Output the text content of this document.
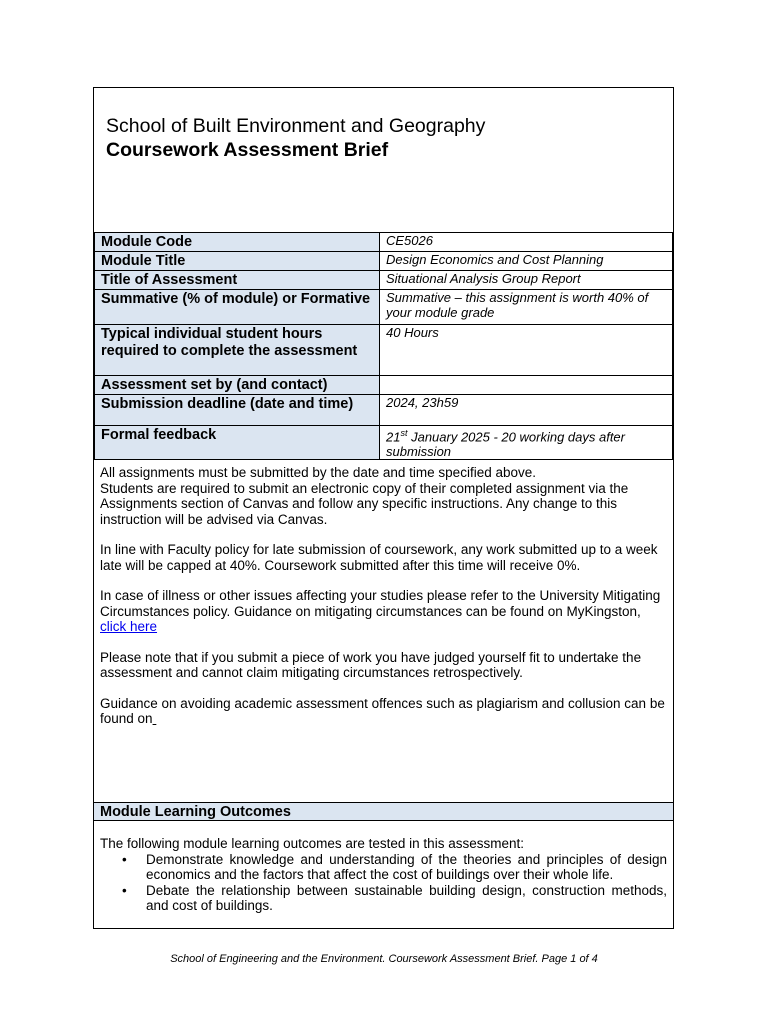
School of Built Environment and Geography
Coursework Assessment Brief
Module Code	CE5026
Module Title	Design Economics and Cost Planning
Title of Assessment	Situational Analysis Group Report
Summative (% of module) or Formative	Summative – this assignment is worth 40% of your module grade
Typical individual student hours required to complete the assessment	40 Hours
Assessment set by (and contact)	
Submission deadline (date and time)	2024, 23h59
Formal feedback	21st January 2025 - 20 working days after submission

All assignments must be submitted by the date and time specified above.
Students are required to submit an electronic copy of their completed assignment via the Assignments section of Canvas and follow any specific instructions. Any change to this instruction will be advised via Canvas.

In line with Faculty policy for late submission of coursework, any work submitted up to a week late will be capped at 40%. Coursework submitted after this time will receive 0%.

In case of illness or other issues affecting your studies please refer to the University Mitigating Circumstances policy. Guidance on mitigating circumstances can be found on MyKingston, click here

Please note that if you submit a piece of work you have judged yourself fit to undertake the assessment and cannot claim mitigating circumstances retrospectively.

Guidance on avoiding academic assessment offences such as plagiarism and collusion can be found on

Module Learning Outcomes
The following module learning outcomes are tested in this assessment:
• Demonstrate knowledge and understanding of the theories and principles of design economics and the factors that affect the cost of buildings over their whole life.
• Debate the relationship between sustainable building design, construction methods, and cost of buildings.
School of Engineering and the Environment. Coursework Assessment Brief. Page 1 of 4
